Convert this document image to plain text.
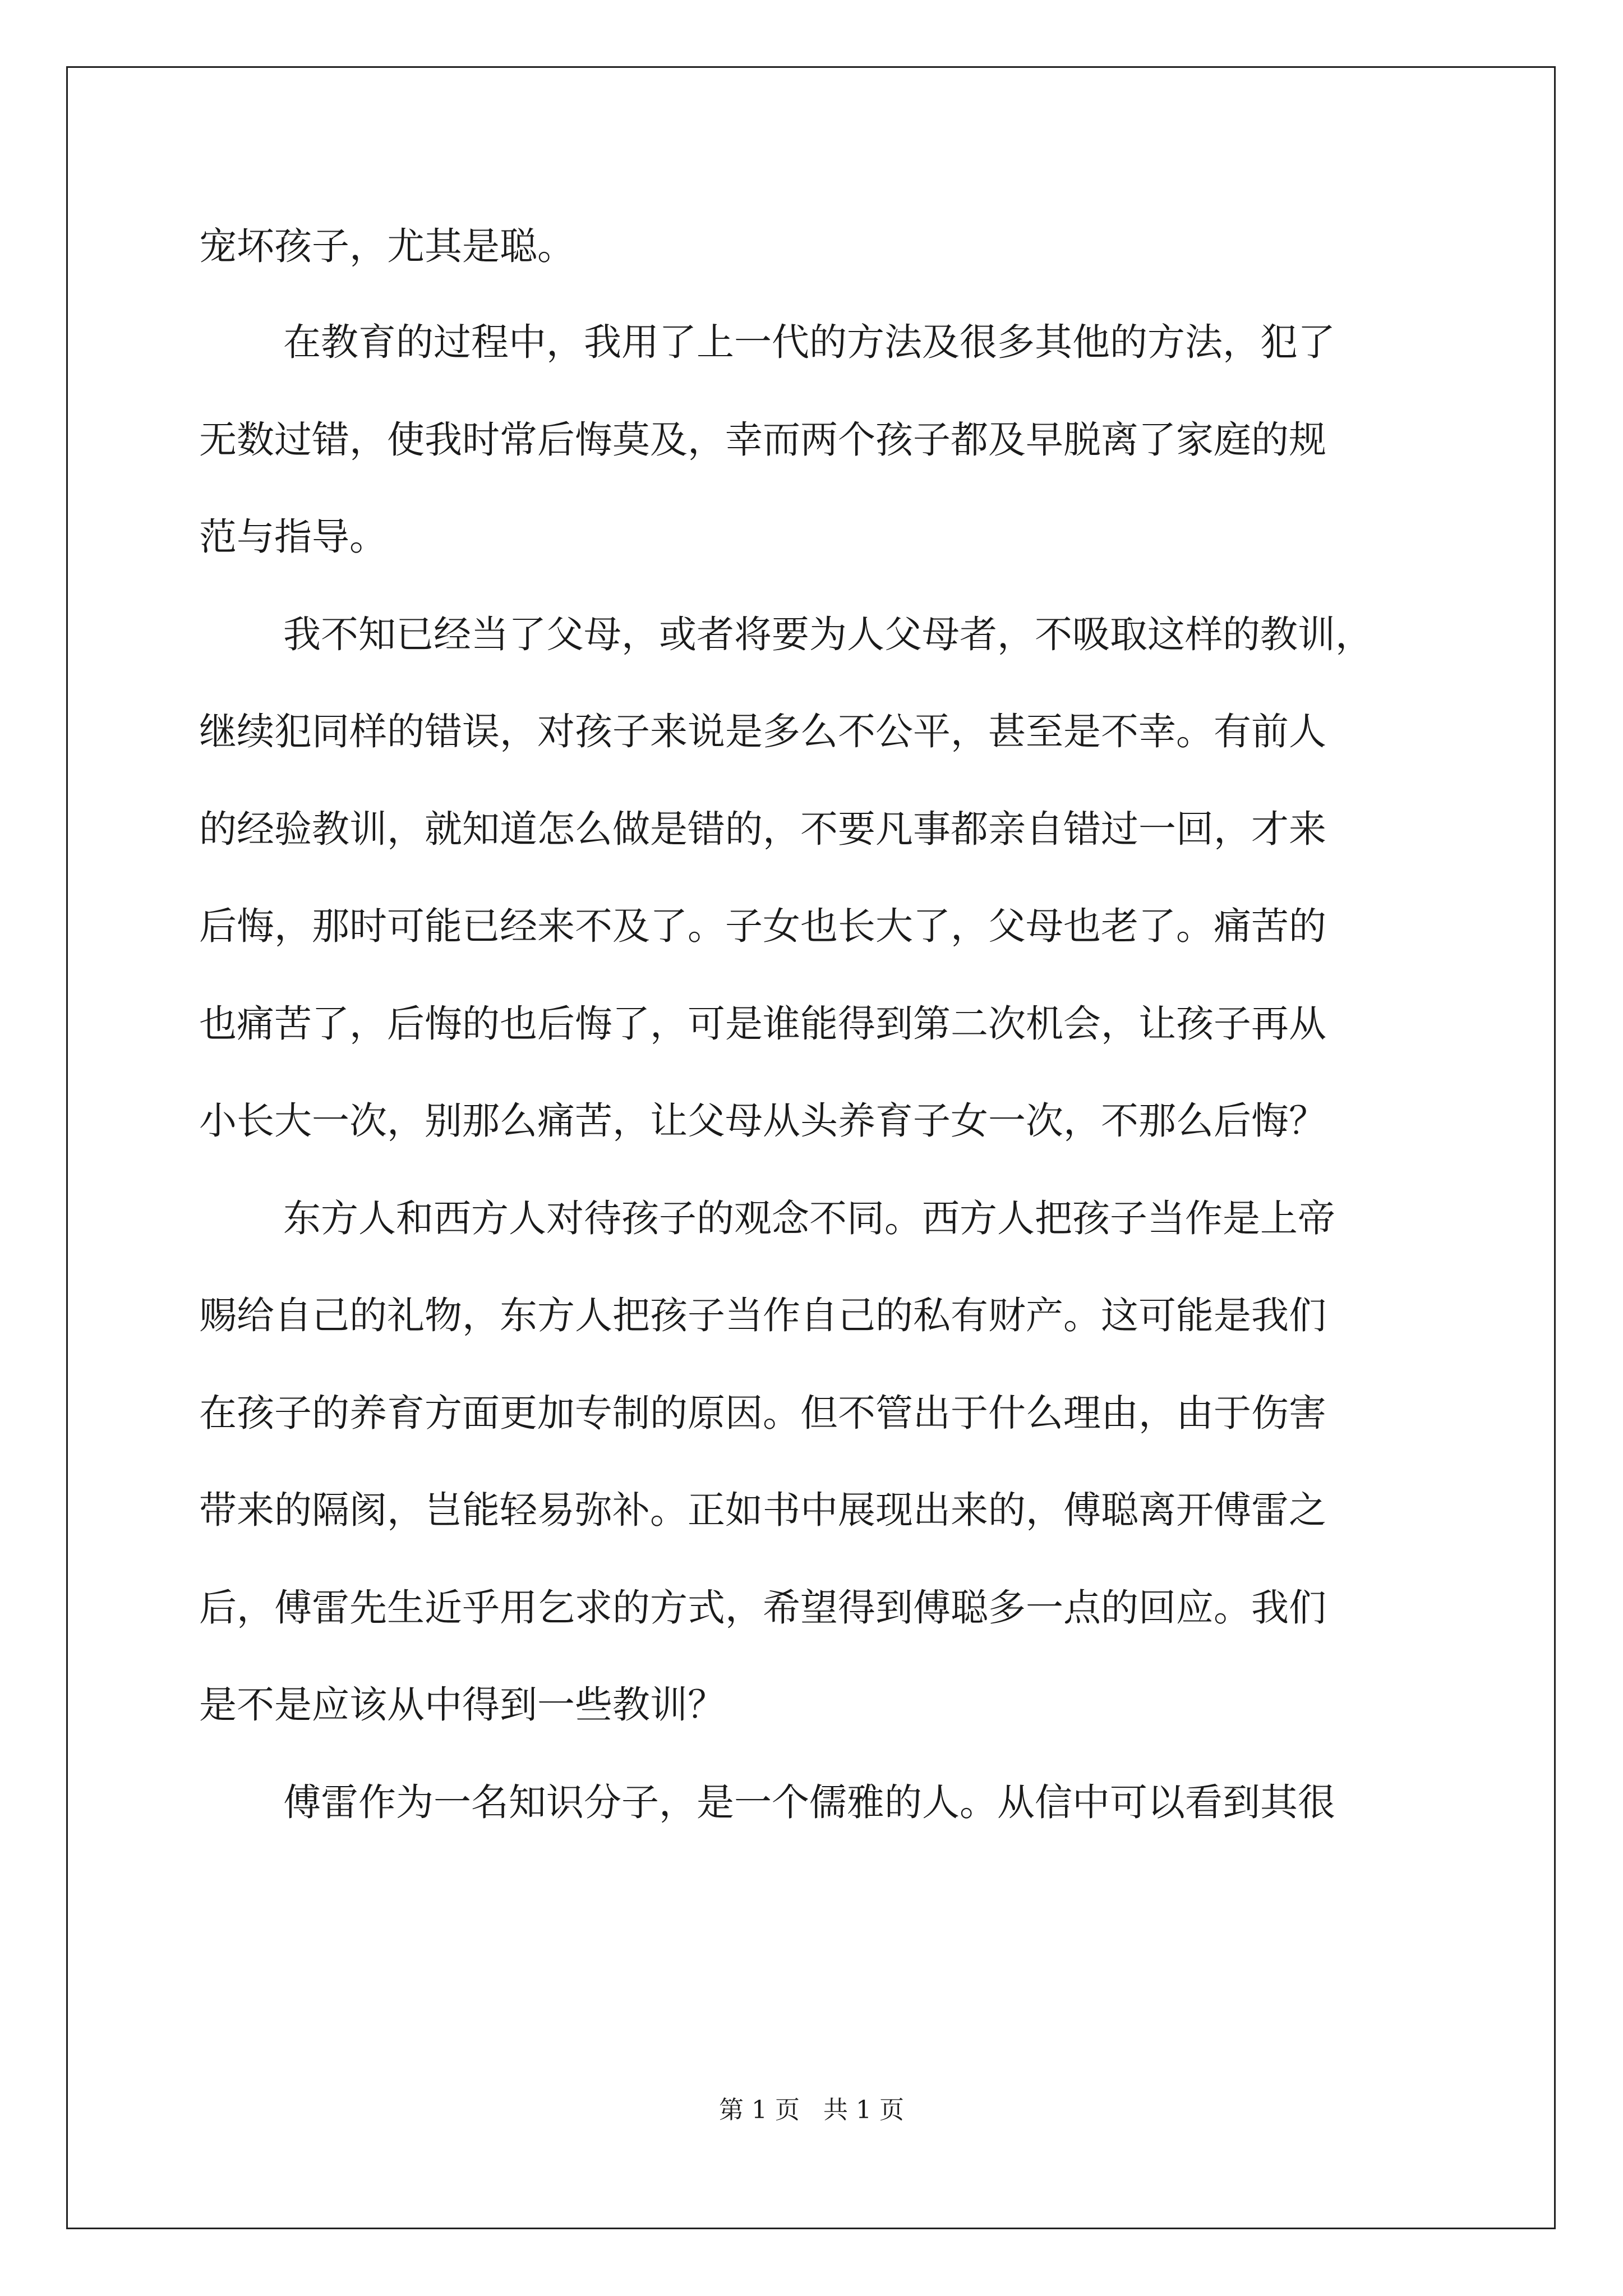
宠坏孩子，尤其是聪。
在教育的过程中，我用了上一代的方法及很多其他的方法，犯了
无数过错，使我时常后悔莫及，幸而两个孩子都及早脱离了家庭的规
范与指导。
我不知已经当了父母，或者将要为人父母者，不吸取这样的教训，
继续犯同样的错误，对孩子来说是多么不公平，甚至是不幸。有前人
的经验教训，就知道怎么做是错的，不要凡事都亲自错过一回，才来
后悔，那时可能已经来不及了。子女也长大了，父母也老了。痛苦的
也痛苦了，后悔的也后悔了，可是谁能得到第二次机会，让孩子再从
小长大一次，别那么痛苦，让父母从头养育子女一次，不那么后悔？
东方人和西方人对待孩子的观念不同。西方人把孩子当作是上帝
赐给自己的礼物，东方人把孩子当作自己的私有财产。这可能是我们
在孩子的养育方面更加专制的原因。但不管出于什么理由，由于伤害
带来的隔阂，岂能轻易弥补。正如书中展现出来的，傅聪离开傅雷之
后，傅雷先生近乎用乞求的方式，希望得到傅聪多一点的回应。我们
是不是应该从中得到一些教训？
傅雷作为一名知识分子，是一个儒雅的人。从信中可以看到其很
第 1 页   共 1 页
